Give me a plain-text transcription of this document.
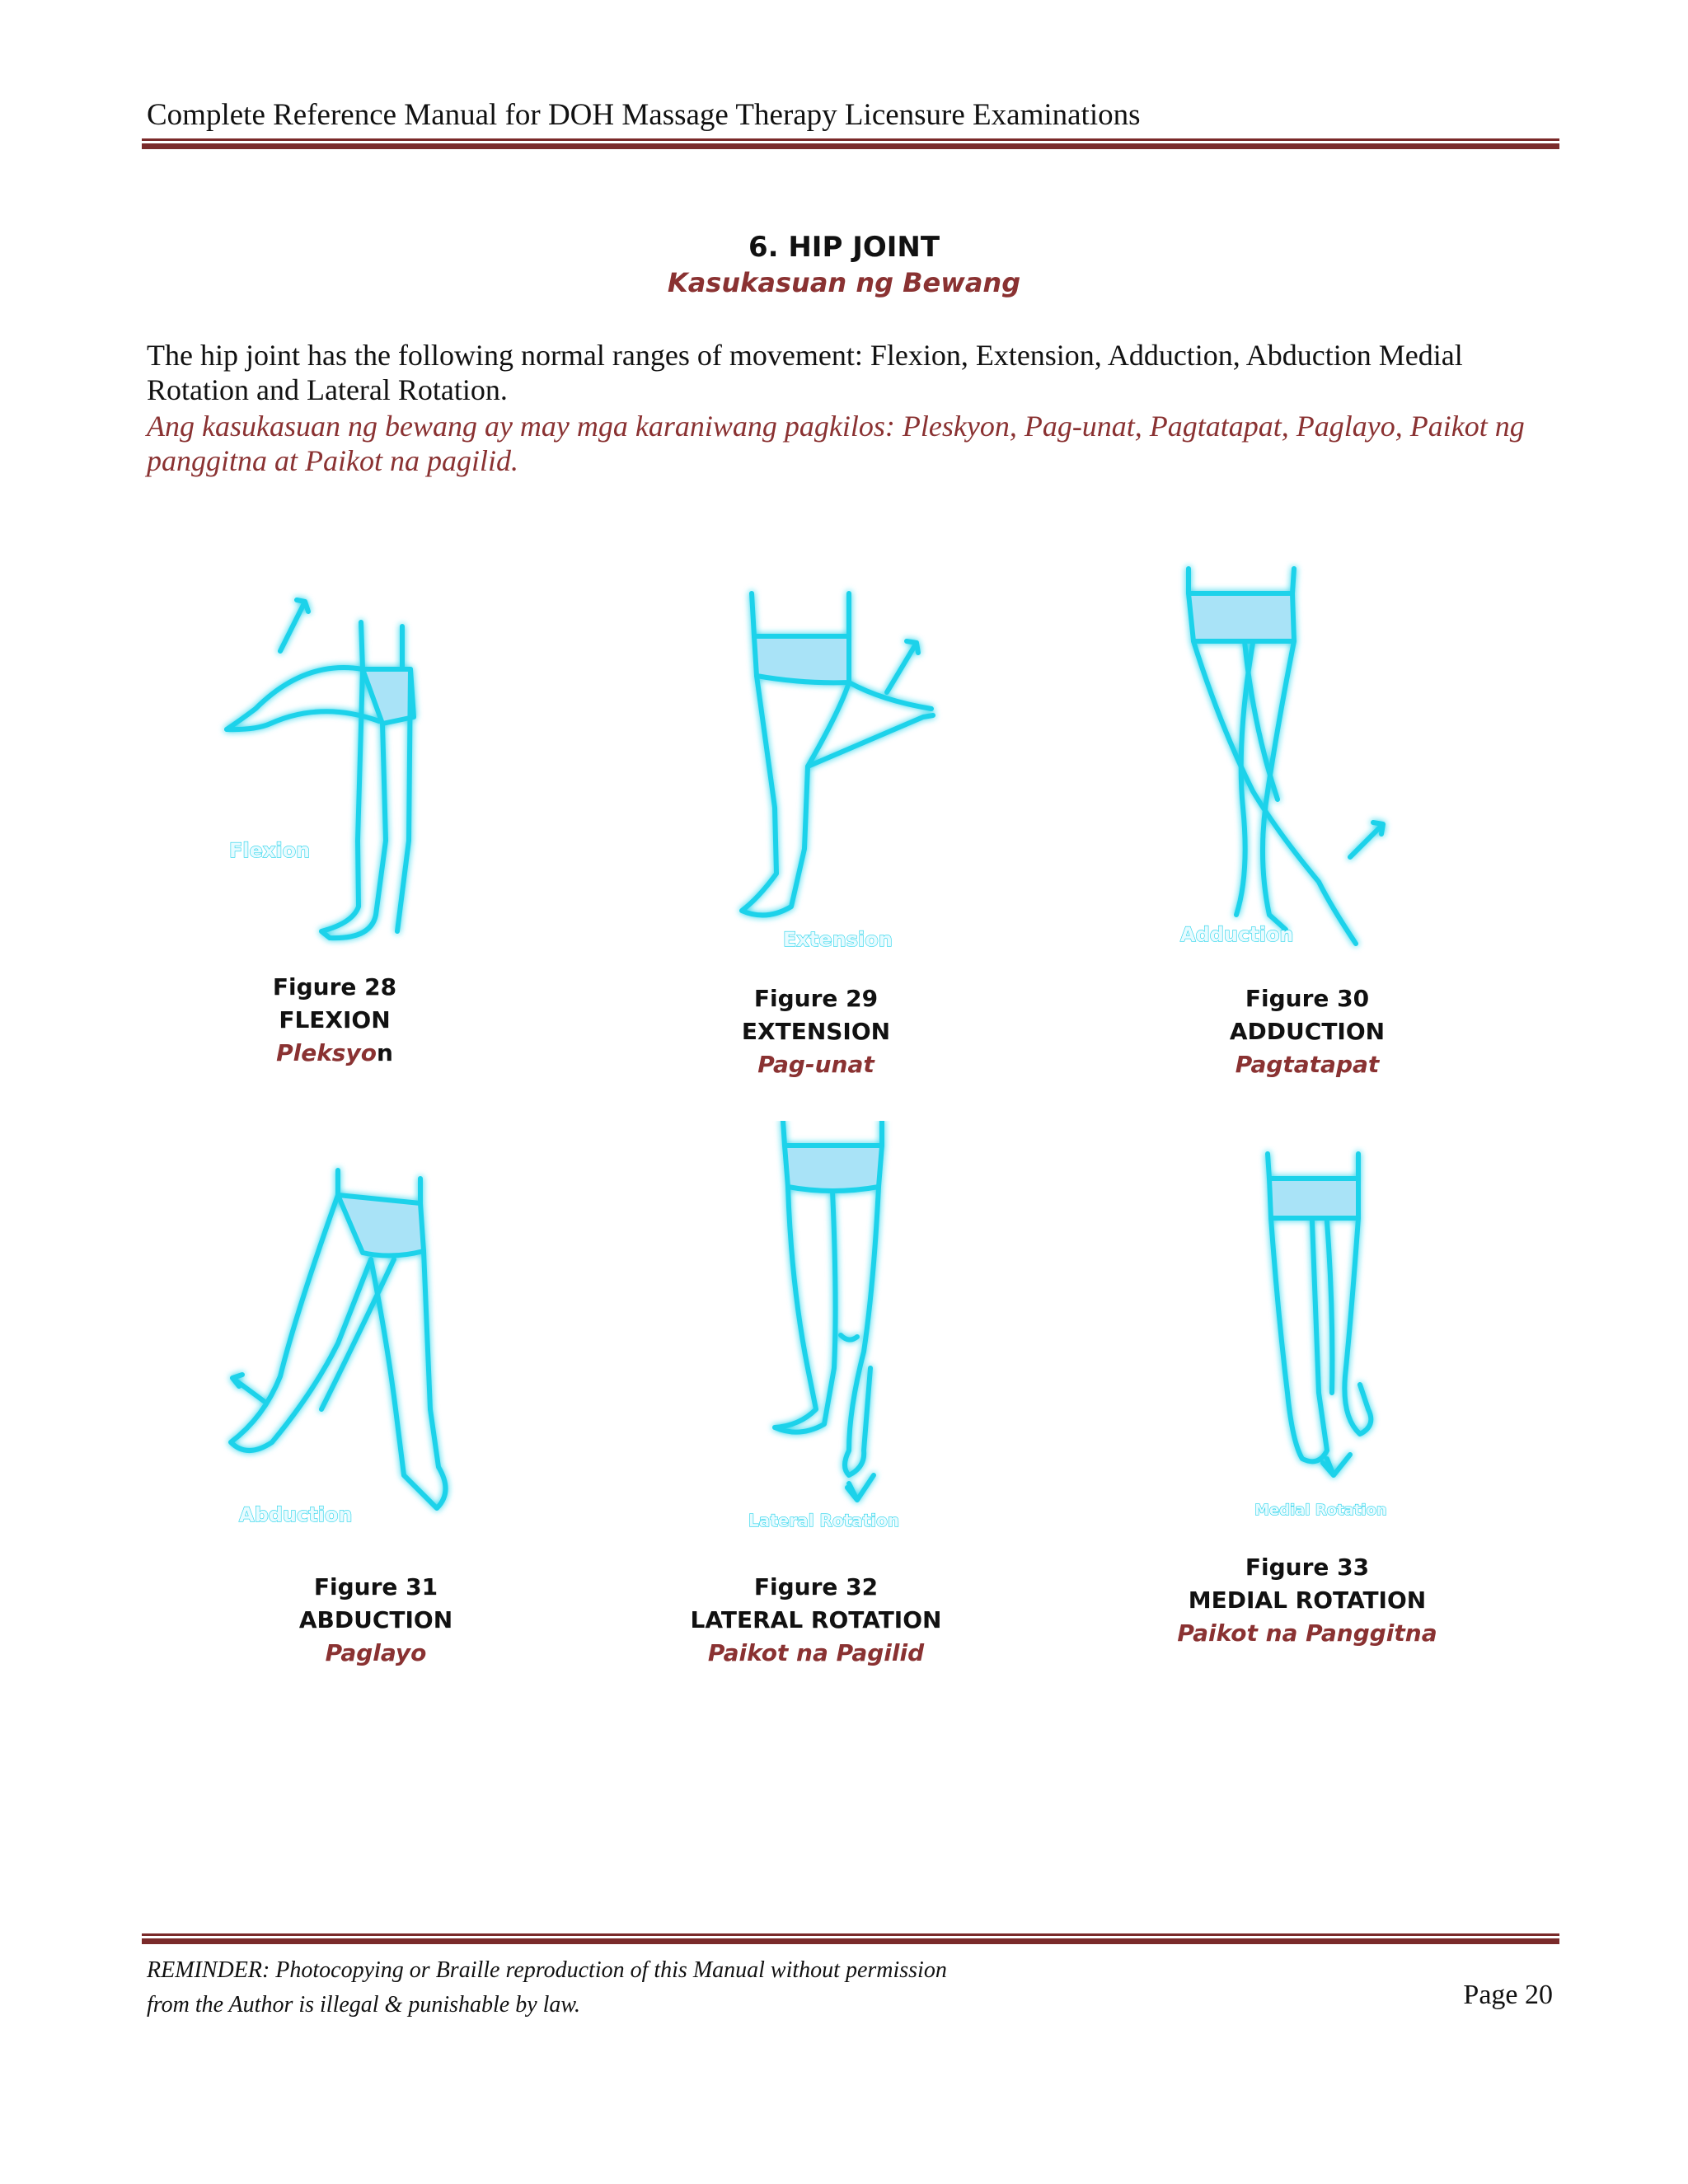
Complete Reference Manual for DOH Massage Therapy Licensure Examinations
6. HIP JOINT
Kasukasuan ng Bewang
The hip joint has the following normal ranges of movement: Flexion, Extension, Adduction, Abduction Medial Rotation and Lateral Rotation.
Ang kasukasuan ng bewang ay may mga karaniwang pagkilos: Pleskyon, Pag-unat, Pagtatapat, Paglayo, Paikot ng panggitna at Paikot na pagilid.
Flexion
Figure 28
FLEXION
Pleksyon
Extension
Figure 29
EXTENSION
Pag-unat
Adduction
Figure 30
ADDUCTION
Pagtatapat
Abduction
Figure 31
ABDUCTION
Paglayo
Lateral Rotation
Figure 32
LATERAL ROTATION
Paikot na Pagilid
Medial Rotation
Figure 33
MEDIAL ROTATION
Paikot na Panggitna
REMINDER: Photocopying or Braille reproduction of this Manual without permission
from the Author is illegal & punishable by law.	Page 20
